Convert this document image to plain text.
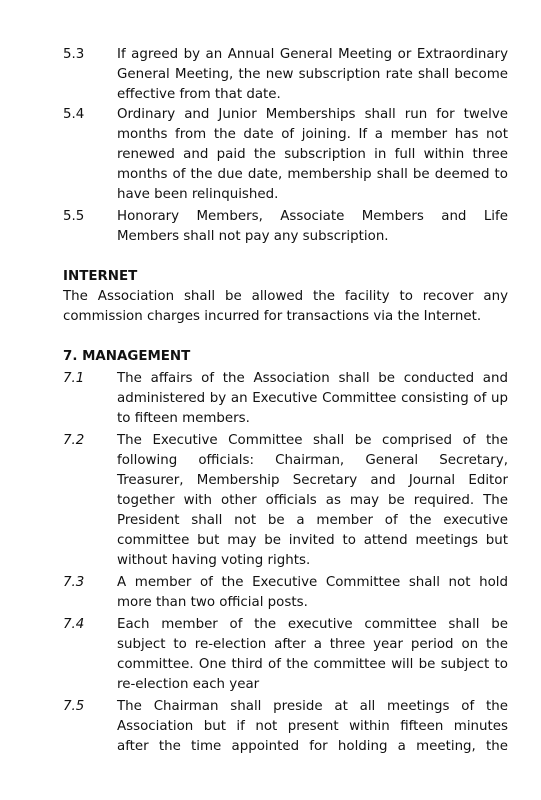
5.3 If agreed by an Annual General Meeting or Extraordinary
General Meeting, the new subscription rate shall become
effective from that date.
5.4 Ordinary and Junior Memberships shall run for twelve
months from the date of joining. If a member has not
renewed and paid the subscription in full within three
months of the due date, membership shall be deemed to
have been relinquished.
5.5 Honorary Members, Associate Members and Life
Members shall not pay any subscription.
INTERNET
The Association shall be allowed the facility to recover any
commission charges incurred for transactions via the Internet.
7. MANAGEMENT
7.1 The affairs of the Association shall be conducted and
administered by an Executive Committee consisting of up
to fifteen members.
7.2 The Executive Committee shall be comprised of the
following officials: Chairman, General Secretary,
Treasurer, Membership Secretary and Journal Editor
together with other officials as may be required. The
President shall not be a member of the executive
committee but may be invited to attend meetings but
without having voting rights.
7.3 A member of the Executive Committee shall not hold
more than two official posts.
7.4 Each member of the executive committee shall be
subject to re-election after a three year period on the
committee. One third of the committee will be subject to
re-election each year
7.5 The Chairman shall preside at all meetings of the
Association but if not present within fifteen minutes
after the time appointed for holding a meeting, the
